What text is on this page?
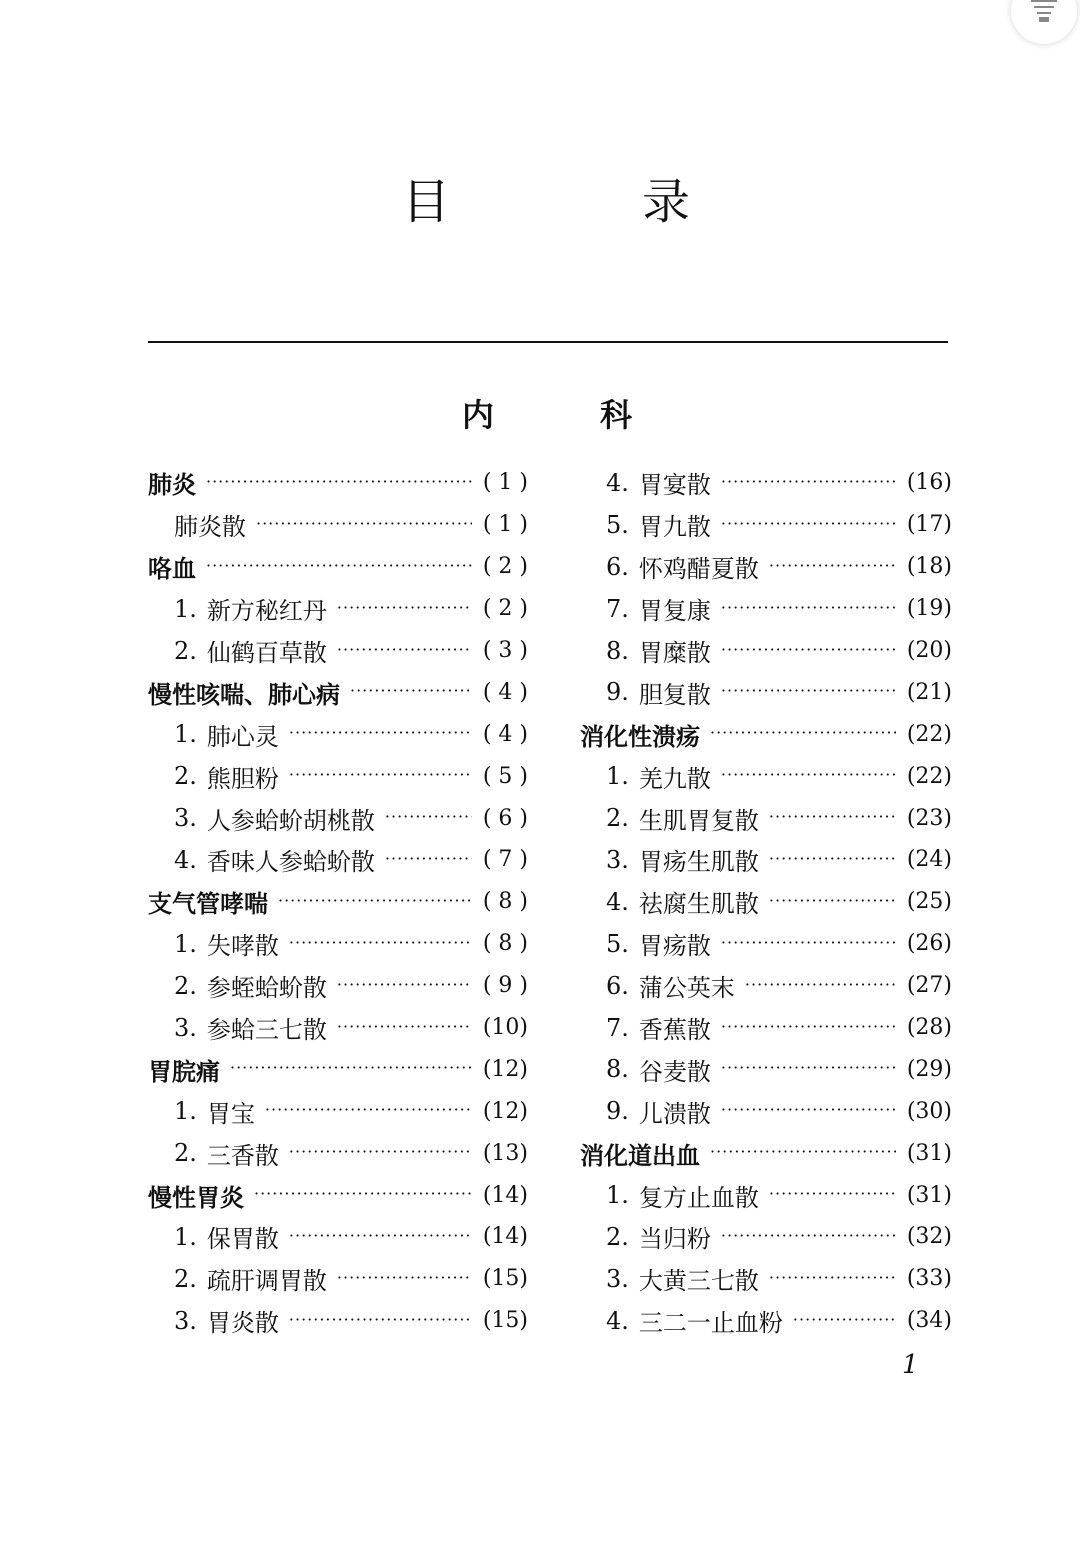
目	录
内	科
肺炎 ·····	( 1 )
肺炎散 ·····	( 1 )
咯血 ·····	( 2 )
1. 新方秘红丹 ·····	( 2 )
2. 仙鹤百草散 ·····	( 3 )
慢性咳喘、肺心病 ·····	( 4 )
1. 肺心灵 ·····	( 4 )
2. 熊胆粉 ·····	( 5 )
3. 人参蛤蚧胡桃散 ·····	( 6 )
4. 香味人参蛤蚧散 ·····	( 7 )
支气管哮喘 ·····	( 8 )
1. 失哮散 ·····	( 8 )
2. 参蛭蛤蚧散 ·····	( 9 )
3. 参蛤三七散 ·····	(10)
胃脘痛 ·····	(12)
1. 胃宝 ·····	(12)
2. 三香散 ·····	(13)
慢性胃炎 ·····	(14)
1. 保胃散 ·····	(14)
2. 疏肝调胃散 ·····	(15)
3. 胃炎散 ·····	(15)
4. 胃宴散 ·····	(16)
5. 胃九散 ·····	(17)
6. 怀鸡醋夏散 ·····	(18)
7. 胃复康 ·····	(19)
8. 胃糜散 ·····	(20)
9. 胆复散 ·····	(21)
消化性溃疡 ·····	(22)
1. 羌九散 ·····	(22)
2. 生肌胃复散 ·····	(23)
3. 胃疡生肌散 ·····	(24)
4. 祛腐生肌散 ·····	(25)
5. 胃疡散 ·····	(26)
6. 蒲公英末 ·····	(27)
7. 香蕉散 ·····	(28)
8. 谷麦散 ·····	(29)
9. 儿溃散 ·····	(30)
消化道出血 ·····	(31)
1. 复方止血散 ·····	(31)
2. 当归粉 ·····	(32)
3. 大黄三七散 ·····	(33)
4. 三二一止血粉 ·····	(34)
1
